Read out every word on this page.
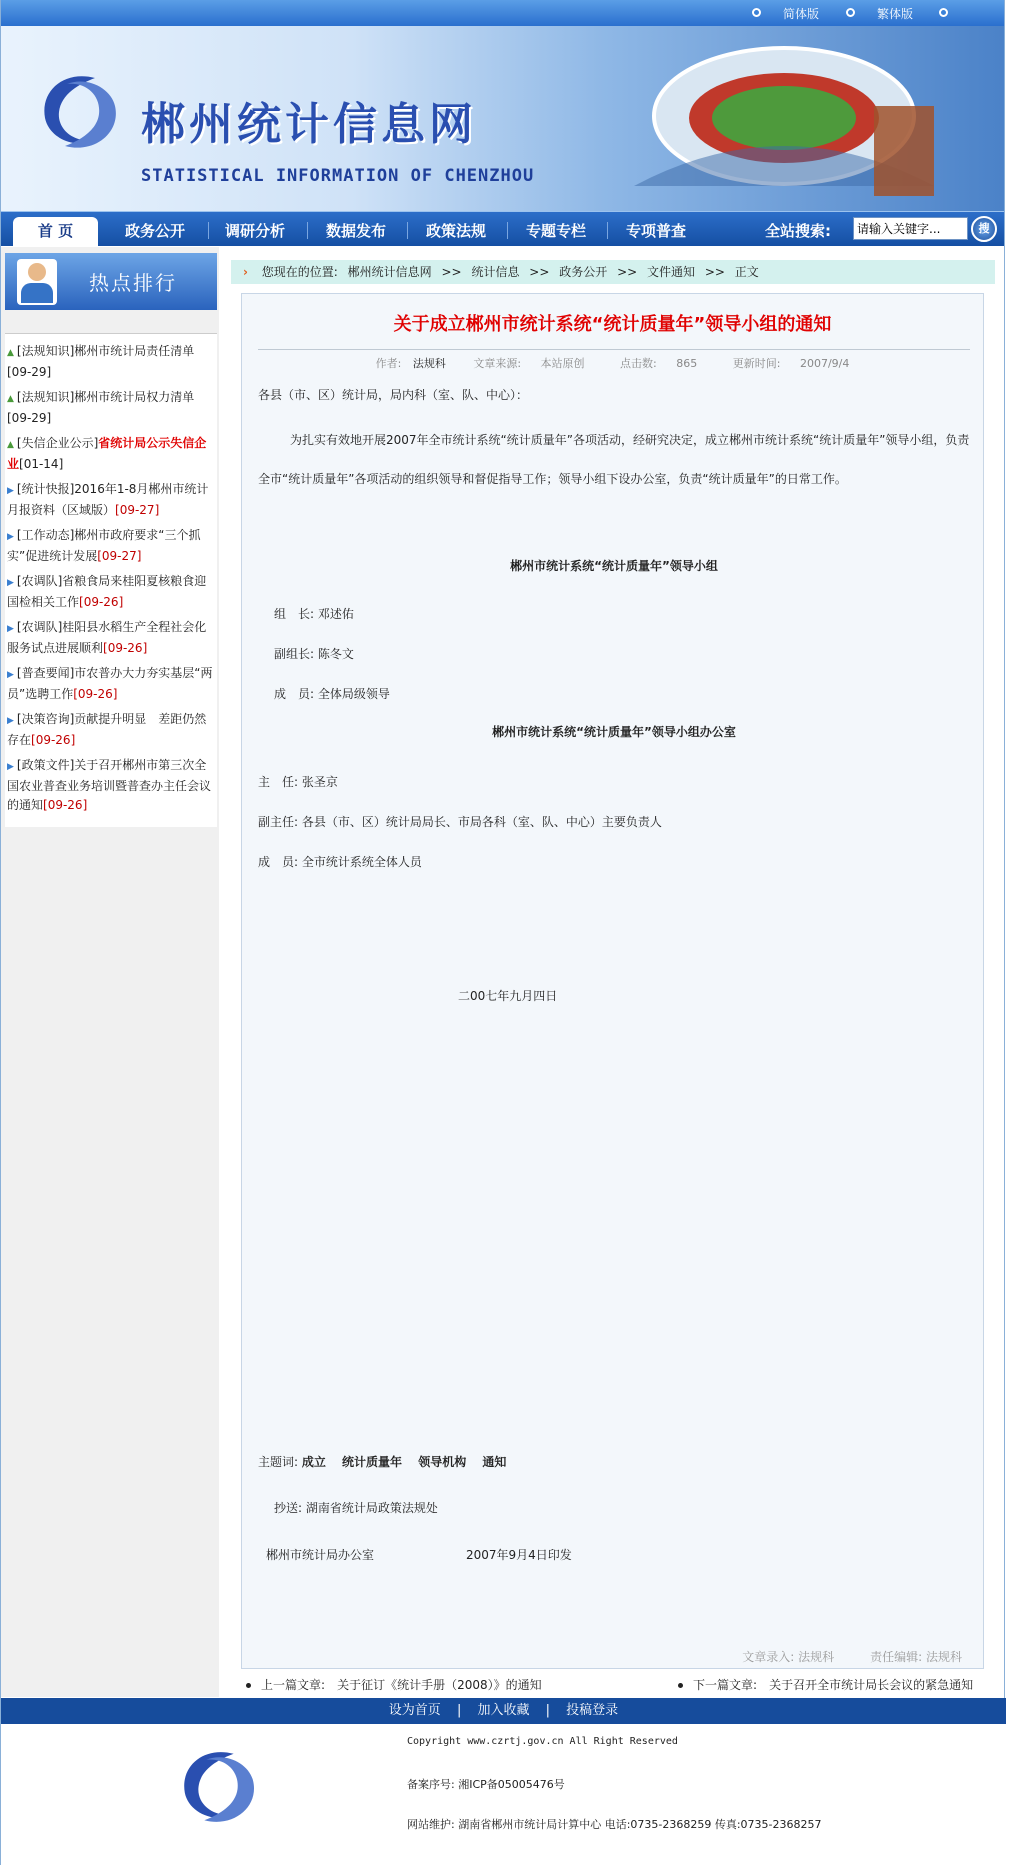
简体版	繁体版
郴州统计信息网
STATISTICAL INFORMATION OF CHENZHOU
首 页	政务公开	调研分析	数据发布	政策法规	专题专栏	专项普查	全站搜索:
请输入关键字...	搜
热点排行
▲ [法规知识]郴州市统计局责任清单[09-29]
▲ [法规知识]郴州市统计局权力清单[09-29]
▲ [失信企业公示]省统计局公示失信企业[01-14]
▶ [统计快报]2016年1-8月郴州市统计月报资料（区域版）[09-27]
▶ [工作动态]郴州市政府要求“三个抓实”促进统计发展[09-27]
▶ [农调队]省粮食局来桂阳夏核粮食迎国检相关工作[09-26]
▶ [农调队]桂阳县水稻生产全程社会化服务试点进展顺利[09-26]
▶ [普查要闻]市农普办大力夯实基层“两员”选聘工作[09-26]
▶ [决策咨询]贡献提升明显　差距仍然存在[09-26]
▶ [政策文件]关于召开郴州市第三次全国农业普查业务培训暨普查办主任会议的通知[09-26]
› 您现在的位置: 郴州统计信息网 >> 统计信息 >> 政务公开 >> 文件通知 >> 正文
关于成立郴州市统计系统“统计质量年”领导小组的通知
作者: 法规科	文章来源: 本站原创	点击数: 865	更新时间: 2007/9/4
各县（市、区）统计局，局内科（室、队、中心）：
为扎实有效地开展2007年全市统计系统“统计质量年”各项活动，经研究决定，成立郴州市统计系统“统计质量年”领导小组，负责全市“统计质量年”各项活动的组织领导和督促指导工作；领导小组下设办公室，负责“统计质量年”的日常工作。
郴州市统计系统“统计质量年”领导小组
组　长: 邓述佑
副组长: 陈冬文
成　员: 全体局级领导
郴州市统计系统“统计质量年”领导小组办公室
主　任: 张圣京
副主任: 各县（市、区）统计局局长、市局各科（室、队、中心）主要负责人
成　员: 全市统计系统全体人员
二00七年九月四日
主题词: 成立　 统计质量年　 领导机构　 通知
抄送: 湖南省统计局政策法规处
郴州市统计局办公室	2007年9月4日印发
文章录入: 法规科　　　	责任编辑: 法规科
上一篇文章:　 关于征订《统计手册（2008）》的通知	下一篇文章:　 关于召开全市统计局长会议的紧急通知
设为首页 | 加入收藏 | 投稿登录
Copyright www.czrtj.gov.cn All Right Reserved
备案序号: 湘ICP备05005476号
网站维护: 湖南省郴州市统计局计算中心 电话:0735-2368259 传真:0735-2368257
